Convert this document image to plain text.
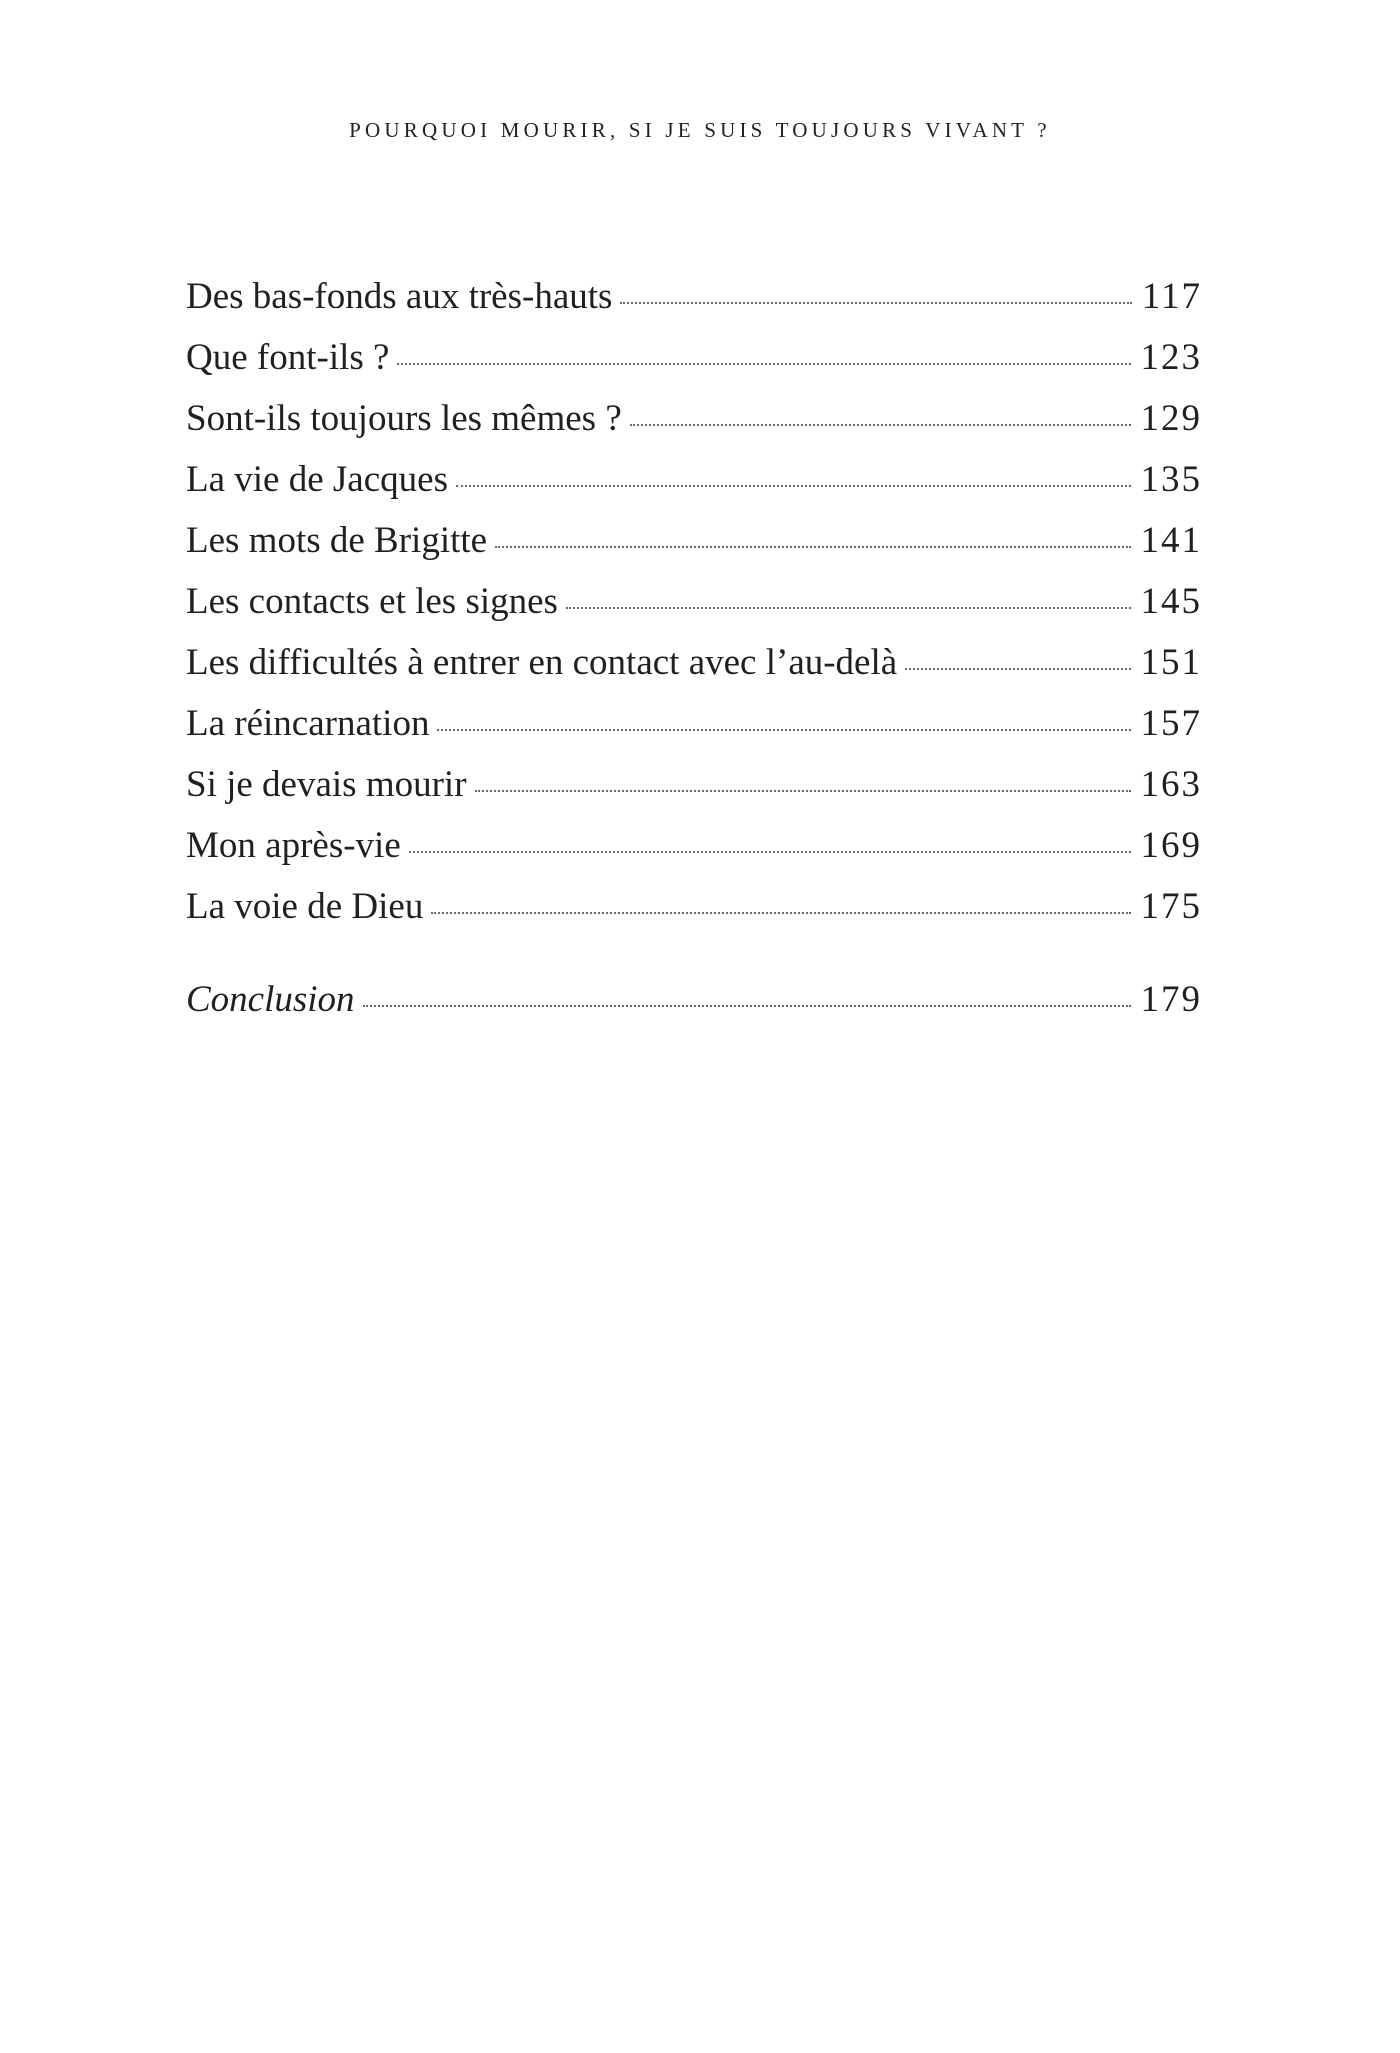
POURQUOI MOURIR, SI JE SUIS TOUJOURS VIVANT ?
Des bas-fonds aux très-hauts	117
Que font-ils ?	123
Sont-ils toujours les mêmes ?	129
La vie de Jacques	135
Les mots de Brigitte	141
Les contacts et les signes	145
Les difficultés à entrer en contact avec l’au-delà	151
La réincarnation	157
Si je devais mourir	163
Mon après-vie	169
La voie de Dieu	175
Conclusion	179
